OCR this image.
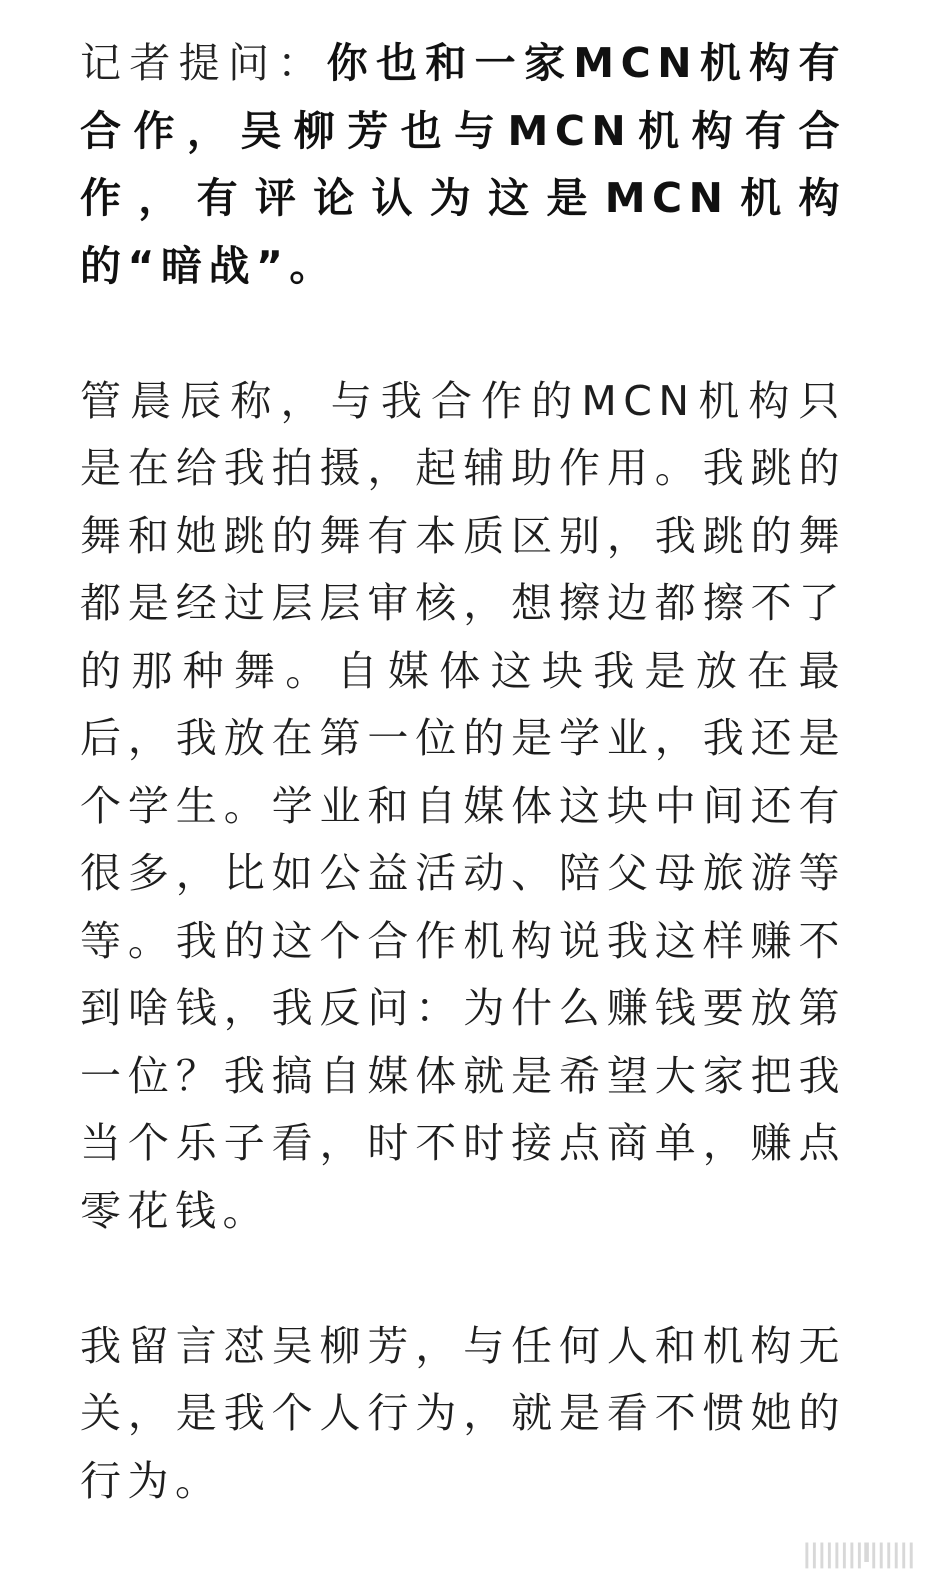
记者提问：你也和一家MCN机构有合作，吴柳芳也与MCN机构有合作，有评论认为这是MCN机构的“暗战”。

管晨辰称，与我合作的MCN机构只是在给我拍摄，起辅助作用。我跳的舞和她跳的舞有本质区别，我跳的舞都是经过层层审核，想擦边都擦不了的那种舞。自媒体这块我是放在最后，我放在第一位的是学业，我还是个学生。学业和自媒体这块中间还有很多，比如公益活动、陪父母旅游等等。我的这个合作机构说我这样赚不到啥钱，我反问：为什么赚钱要放第一位？我搞自媒体就是希望大家把我当个乐子看，时不时接点商单，赚点零花钱。

我留言怼吴柳芳，与任何人和机构无关，是我个人行为，就是看不惯她的行为。

||||||||l||||||
